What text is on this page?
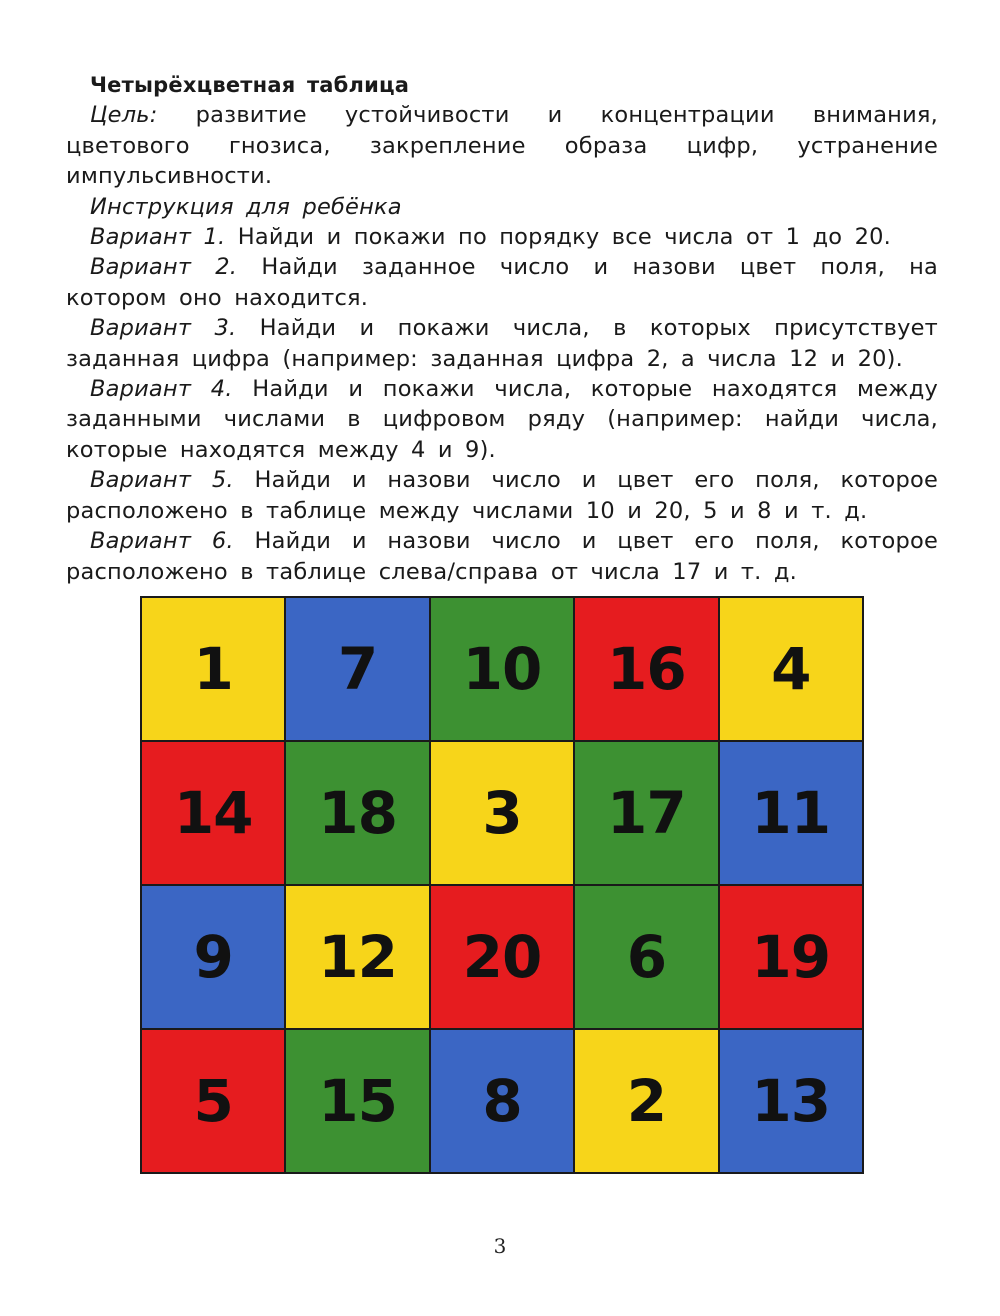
Четырёхцветная таблица

Цель: развитие устойчивости и концентрации внимания, цветового гнозиса, закрепление образа цифр, устранение импульсивности.

Инструкция для ребёнка

Вариант 1. Найди и покажи по порядку все числа от 1 до 20.

Вариант 2. Найди заданное число и назови цвет поля, на котором оно находится.

Вариант 3. Найди и покажи числа, в которых присутствует заданная цифра (например: заданная цифра 2, а числа 12 и 20).

Вариант 4. Найди и покажи числа, которые находятся между заданными числами в цифровом ряду (например: найди числа, которые находятся между 4 и 9).

Вариант 5. Найди и назови число и цвет его поля, которое расположено в таблице между числами 10 и 20, 5 и 8 и т. д.

Вариант 6. Найди и назови число и цвет его поля, которое расположено в таблице слева/справа от числа 17 и т. д.

1	7	10	16	4
14	18	3	17	11
9	12	20	6	19
5	15	8	2	13
3
